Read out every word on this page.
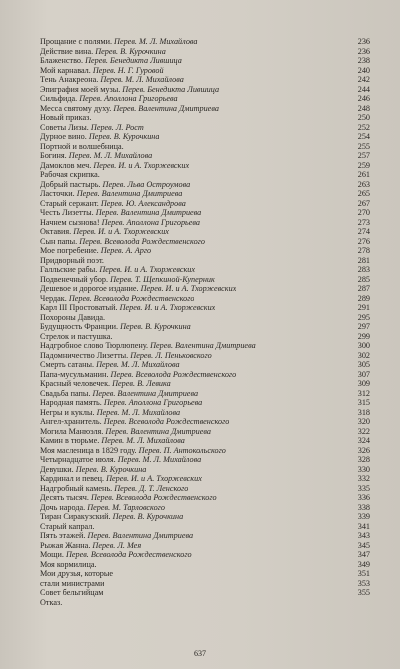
Прощание с полями. Перев. М. Л. Михайлова	236
Действие вина. Перев. В. Курочкина	236
Блаженство. Перев. Бенедикта Лившица	238
Мой карнавал. Перев. Н. Г. Гуровой	240
Тень Анакреона. Перев. М. Л. Михайлова	242
Эпиграфия моей музы. Перев. Бенедикта Лившица	244
Сильфида. Перев. Аполлона Григорьева	246
Месса святому духу. Перев. Валентина Дмитриева	248
Новый приказ.	250
Советы Лизы. Перев. Л. Рост	252
Дурное вино. Перев. В. Курочкина	254
Портной и волшебница.	255
Богиня. Перев. М. Л. Михайлова	257
Дамоклов меч. Перев. И. и А. Тхоржевских	259
Рабочая скрипка.	261
Добрый пастырь. Перев. Льва Остроумова	263
Ласточки. Перев. Валентина Дмитриева	265
Старый сержант. Перев. Ю. Александрова	267
Честь Лизетты. Перев. Валентина Дмитриева	270
Начнем сызнова! Перев. Аполлона Григорьева	273
Октавия. Перев. И. и А. Тхоржевских	274
Сын папы. Перев. Всеволода Рождественского	276
Мое погребение. Перев. А. Арго	278
Придворный поэт.	281
Галльские рабы. Перев. И. и А. Тхоржевских	283
Подвенечный убор. Перев. Т. Щепкиной-Куперник	285
Дешевое и дорогое издание. Перев. И. и А. Тхоржевских	287
Чердак. Перев. Всеволода Рождественского	289
Карл III Простоватый. Перев. И. и А. Тхоржевских	291
Похороны Давида.	295
Будущность Франции. Перев. В. Курочкина	297
Стрелок и пастушка.	299
Надгробное слово Тюрлюпену. Перев. Валентина Дмитриева	300
Падомничество Лизетты. Перев. Л. Пеньковского	302
Смерть сатаны. Перев. М. Л. Михайлова	305
Папа-мусульманин. Перев. Всеволода Рождественского	307
Красный человечек. Перев. В. Левика	309
Свадьба папы. Перев. Валентина Дмитриева	312
Народная память. Перев. Аполлона Григорьева	315
Негры и куклы. Перев. М. Л. Михайлова	318
Ангел-хранитель. Перев. Всеволода Рождественского	320
Могила Манюэля. Перев. Валентина Дмитриева	322
Камин в тюрьме. Перев. М. Л. Михайлова	324
Моя масленица в 1829 году. Перев. П. Антокольского	326
Четырнадцатое июля. Перев. М. Л. Михайлова	328
Девушки. Перев. В. Курочкина	330
Кардинал и певец. Перев. И. и А. Тхоржевских	332
Надгробный камень. Перев. Д. Т. Ленского	335
Десять тысяч. Перев. Всеволода Рождественского	336
Дочь народа. Перев. М. Тарловского	338
Тиран Сиракузский. Перев. В. Курочкина	339
Старый капрал.	341
Пять этажей. Перев. Валентина Дмитриева	343
Рыжая Жанна. Перев. Л. Мея	345
Мощи. Перев. Всеволода Рождественского	347
Моя кормилица.	349
Мои друзья, которые	351
стали министрами	353
Совет бельгийцам	355
Отказ.
637
